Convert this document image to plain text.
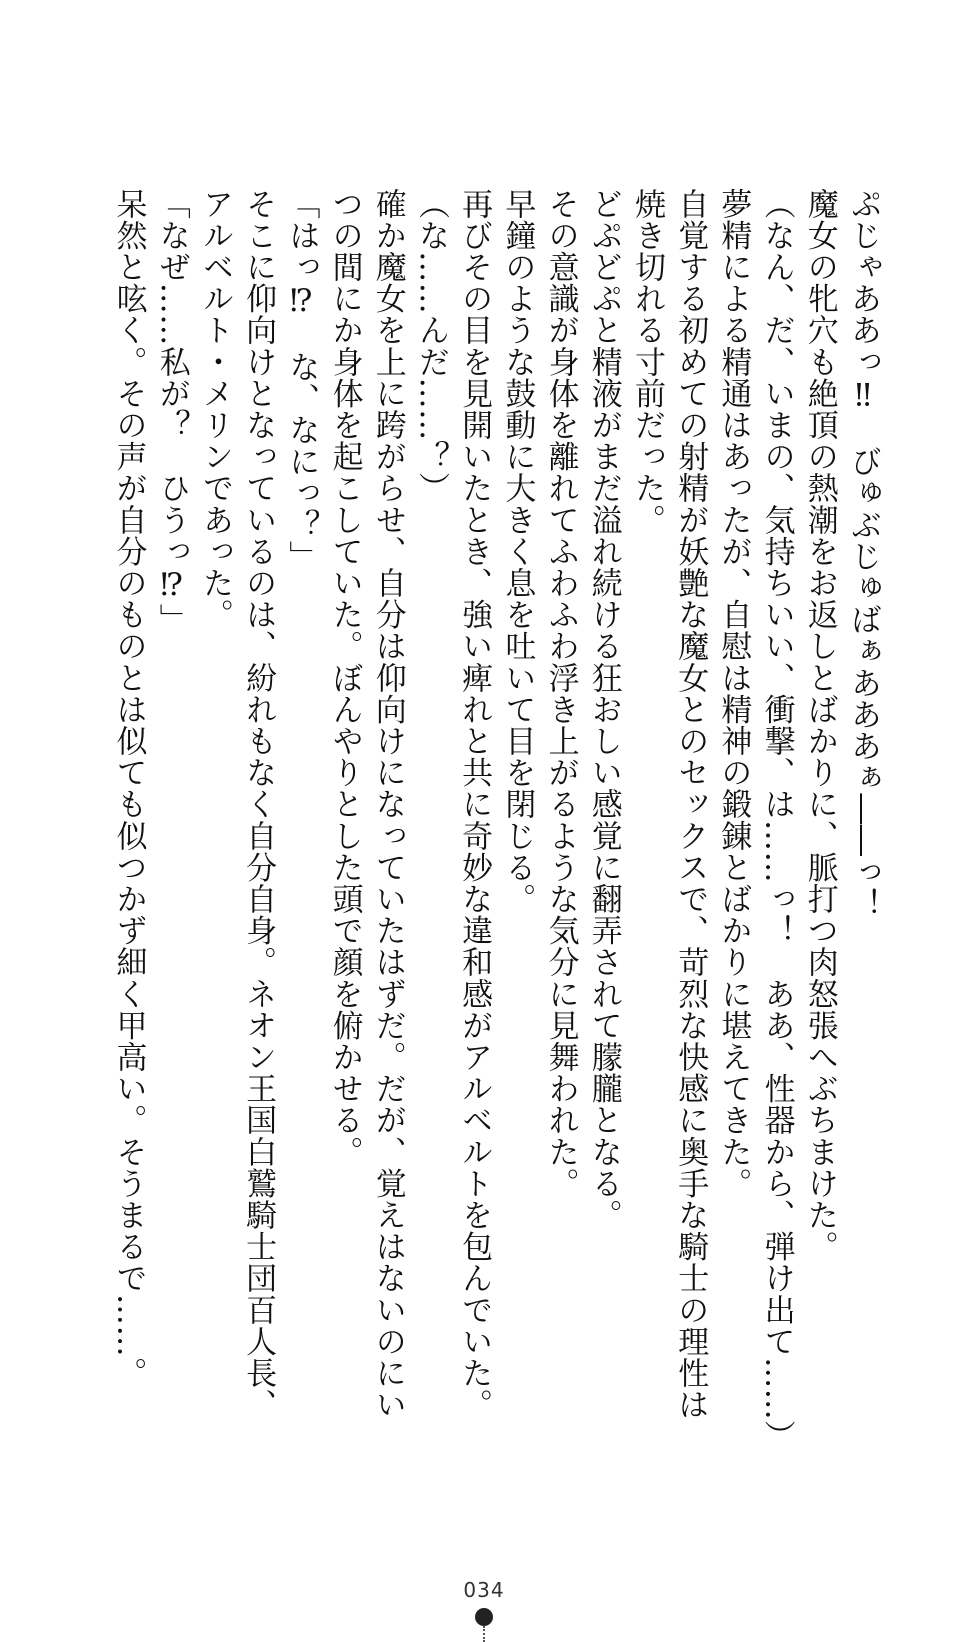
ぷじゃああっ‼　びゅぶじゅばぁあああぁ――っ！
魔女の牝穴も絶頂の熱潮をお返しとばかりに、脈打つ肉怒張へぶちまけた。
（なん、だ、いまの、気持ちいい、衝撃、は……っ！　ああ、性器から、弾け出て……）
夢精による精通はあったが、自慰は精神の鍛錬とばかりに堪えてきた。
自覚する初めての射精が妖艶な魔女とのセックスで、苛烈な快感に奥手な騎士の理性は
焼き切れる寸前だった。
どぷどぷと精液がまだ溢れ続ける狂おしい感覚に翻弄されて朦朧となる。
その意識が身体を離れてふわふわ浮き上がるような気分に見舞われた。
早鐘のような鼓動に大きく息を吐いて目を閉じる。
再びその目を見開いたとき、強い痺れと共に奇妙な違和感がアルベルトを包んでいた。
（な……んだ……？）
確か魔女を上に跨がらせ、自分は仰向けになっていたはずだ。だが、覚えはないのにい
つの間にか身体を起こしていた。ぼんやりとした頭で顔を俯かせる。
「はっ⁉　な、なにっ？」
そこに仰向けとなっているのは、紛れもなく自分自身。ネオン王国白鷲騎士団百人長、
アルベルト・メリンであった。
「なぜ……私が？　ひうっ⁉」
呆然と呟く。その声が自分のものとは似ても似つかず細く甲高い。そうまるで……。
034
